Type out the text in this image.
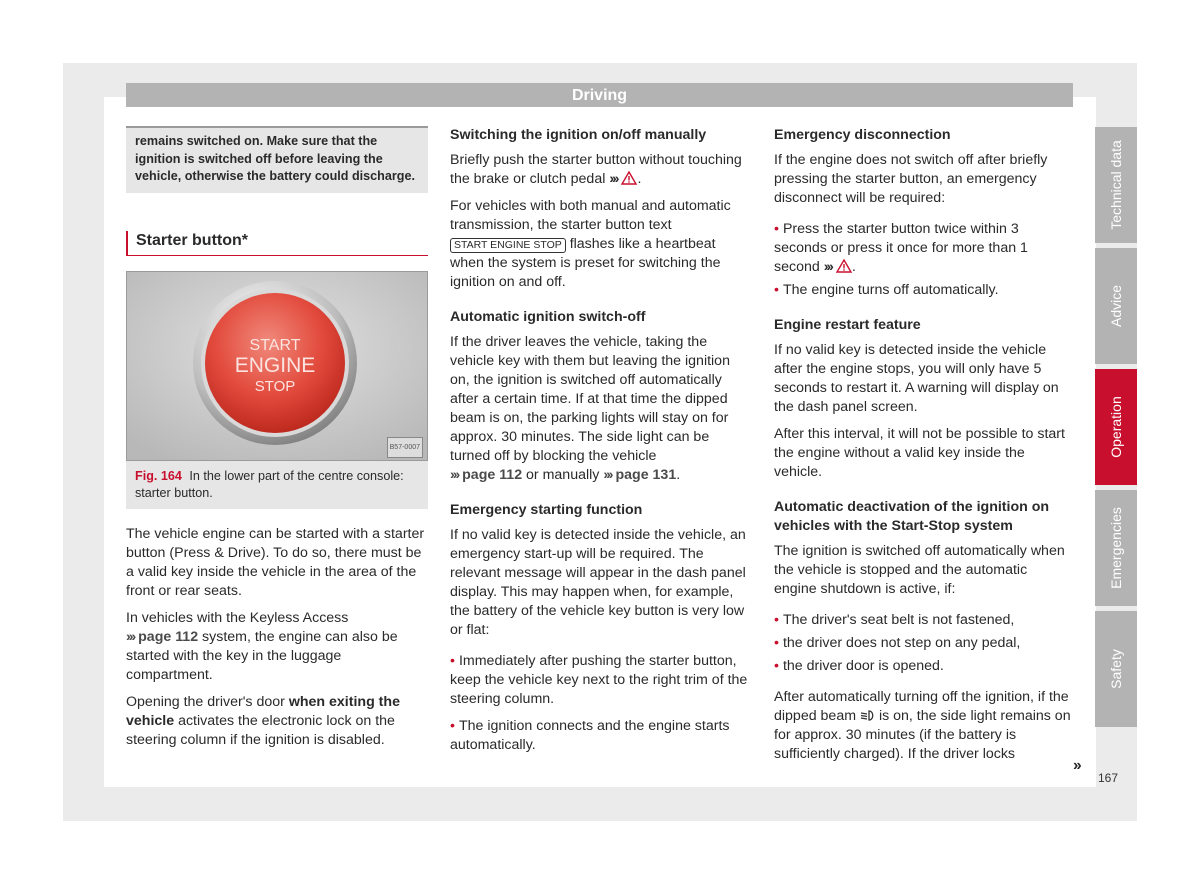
Driving
remains switched on. Make sure that the ignition is switched off before leaving the vehicle, otherwise the battery could discharge.
Starter button*
START
ENGINE
STOP
B57-0007
Fig. 164 In the lower part of the centre console: starter button.

The vehicle engine can be started with a starter button (Press & Drive). To do so, there must be a valid key inside the vehicle in the area of the front or rear seats.

In vehicles with the Keyless Access
››› page 112 system, the engine can also be started with the key in the luggage compartment.

Opening the driver's door when exiting the vehicle activates the electronic lock on the steering column if the ignition is disabled.

Switching the ignition on/off manually

Briefly push the starter button without touching the brake or clutch pedal ››› .

For vehicles with both manual and automatic transmission, the starter button text START ENGINE STOP flashes like a heartbeat when the system is preset for switching the ignition on and off.

Automatic ignition switch-off

If the driver leaves the vehicle, taking the vehicle key with them but leaving the ignition on, the ignition is switched off automatically after a certain time. If at that time the dipped beam is on, the parking lights will stay on for approx. 30 minutes. The side light can be turned off by blocking the vehicle
››› page 112 or manually ››› page 131.

Emergency starting function

If no valid key is detected inside the vehicle, an emergency start-up will be required. The relevant message will appear in the dash panel display. This may happen when, for example, the battery of the vehicle key button is very low or flat:

• Immediately after pushing the starter button, keep the vehicle key next to the right trim of the steering column.

• The ignition connects and the engine starts automatically.

Emergency disconnection

If the engine does not switch off after briefly pressing the starter button, an emergency disconnect will be required:

• Press the starter button twice within 3 seconds or press it once for more than 1 second ››› .

• The engine turns off automatically.

Engine restart feature

If no valid key is detected inside the vehicle after the engine stops, you will only have 5 seconds to restart it. A warning will display on the dash panel screen.

After this interval, it will not be possible to start the engine without a valid key inside the vehicle.

Automatic deactivation of the ignition on vehicles with the Start-Stop system

The ignition is switched off automatically when the vehicle is stopped and the automatic engine shutdown is active, if:

• The driver's seat belt is not fastened,

• the driver does not step on any pedal,

• the driver door is opened.

After automatically turning off the ignition, if the dipped beam is on, the side light remains on for approx. 30 minutes (if the battery is sufficiently charged). If the driver locks

››
Technical data
Advice
Operation
Emergencies
Safety
167
